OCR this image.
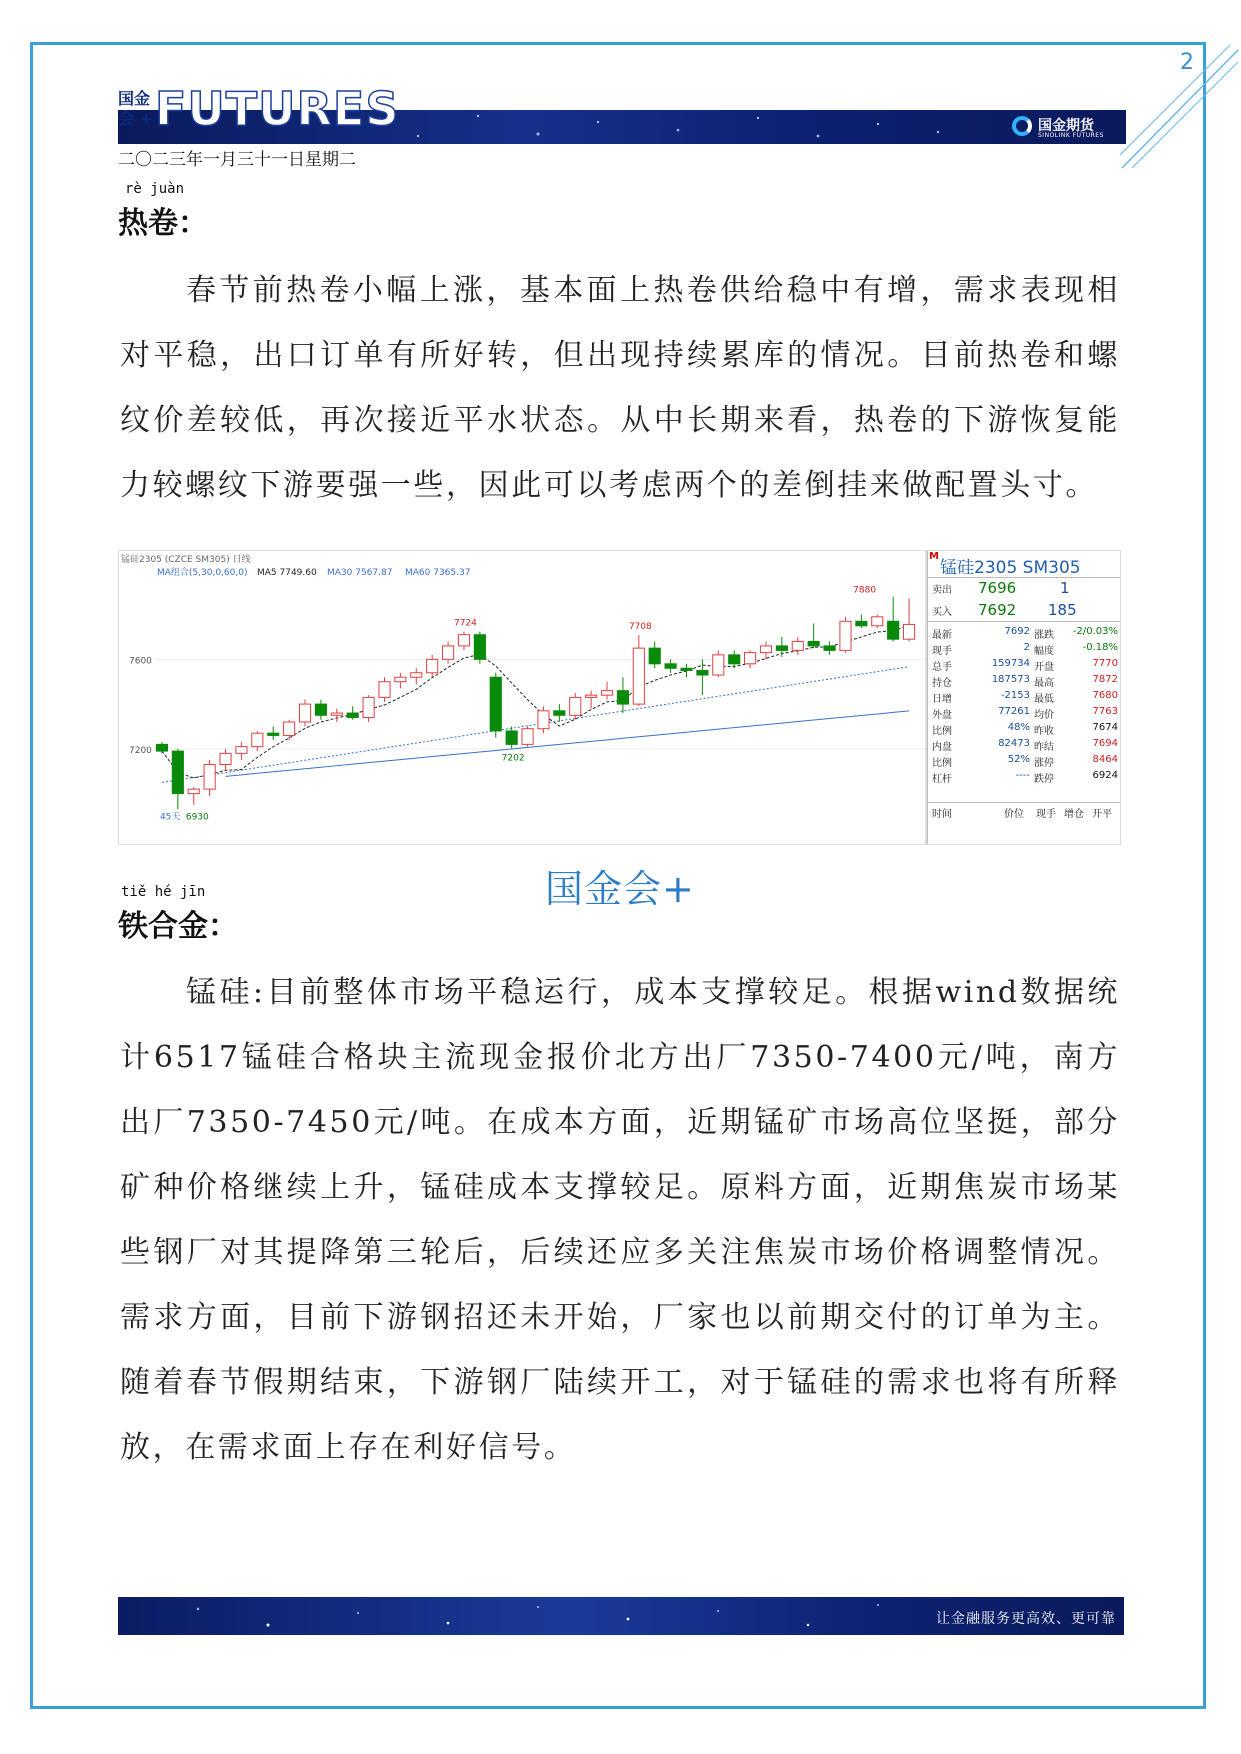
2
国金
会 + FUTURES	国金期货
SINOLINK FUTURES
二〇二三年一月三十一日星期二
rè juàn
热卷：

春节前热卷小幅上涨，基本面上热卷供给稳中有增，需求表现相对平稳，出口订单有所好转，但出现持续累库的情况。目前热卷和螺纹价差较低，再次接近平水状态。从中长期来看，热卷的下游恢复能力较螺纹下游要强一些，因此可以考虑两个的差倒挂来做配置头寸。

7600
7200
锰硅2305 (CZCE SM305) 日线
MA组合(5,30,0,60,0) MA5 7749.60 MA30 7567.87 MA60 7365.37
7724	7708
7880
7202
6930
45天
M
锰硅2305 SM305
卖出 7696	1
买入 7692 185
最新	7692 涨跌	-2/0.03%
现手	2 幅度	-0.18%
总手	159734 开盘	7770
持仓	187573 最高	7872
日增	-2153 最低	7680
外盘	77261 均价	7763
比例	48% 昨收	7674
内盘	82473 昨结	7694
比例	52% 涨停	8464
杠杆	---- 跌停	6924
时间	价位 现手 增仓 开平
国金会+
tiě hé jīn
铁合金：

锰硅:目前整体市场平稳运行，成本支撑较足。根据wind数据统计6517锰硅合格块主流现金报价北方出厂7350-7400元/吨，南方出厂7350-7450元/吨。在成本方面，近期锰矿市场高位坚挺，部分矿种价格继续上升，锰硅成本支撑较足。原料方面，近期焦炭市场某些钢厂对其提降第三轮后，后续还应多关注焦炭市场价格调整情况。需求方面，目前下游钢招还未开始，厂家也以前期交付的订单为主。随着春节假期结束，下游钢厂陆续开工，对于锰硅的需求也将有所释放，在需求面上存在利好信号。

让金融服务更高效、更可靠
